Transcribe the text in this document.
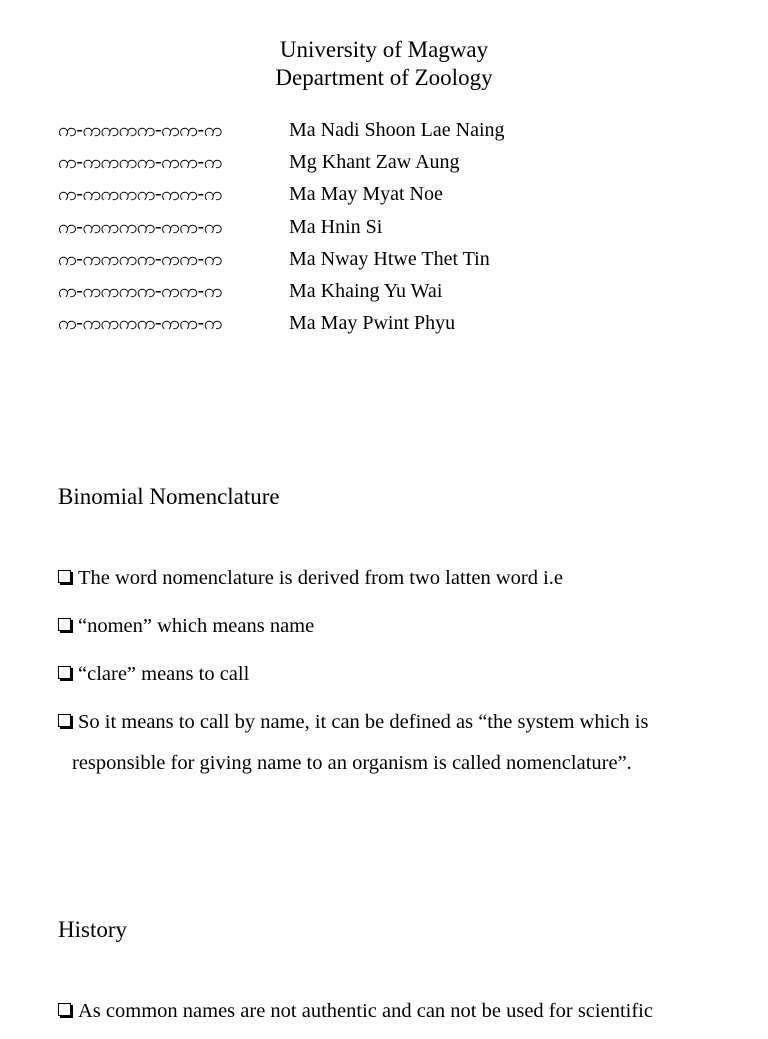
University of Magway
Department of Zoology
က-ကကကက-ကက-က	Ma Nadi Shoon Lae Naing
က-ကကကက-ကက-က	Mg Khant Zaw Aung
က-ကကကက-ကက-က	Ma May Myat Noe
က-ကကကက-ကက-က	Ma Hnin Si
က-ကကကက-ကက-က	Ma Nway Htwe Thet Tin
က-ကကကက-ကက-က	Ma Khaing Yu Wai
က-ကကကက-ကက-က	Ma May Pwint Phyu
Binomial Nomenclature
The word nomenclature is derived from two latten word i.e
“nomen” which means name
“clare” means to call
So it means to call by name, it can be defined as “the system which is
responsible for giving name to an organism is called nomenclature”.
History
As common names are not authentic and can not be used for scientific
